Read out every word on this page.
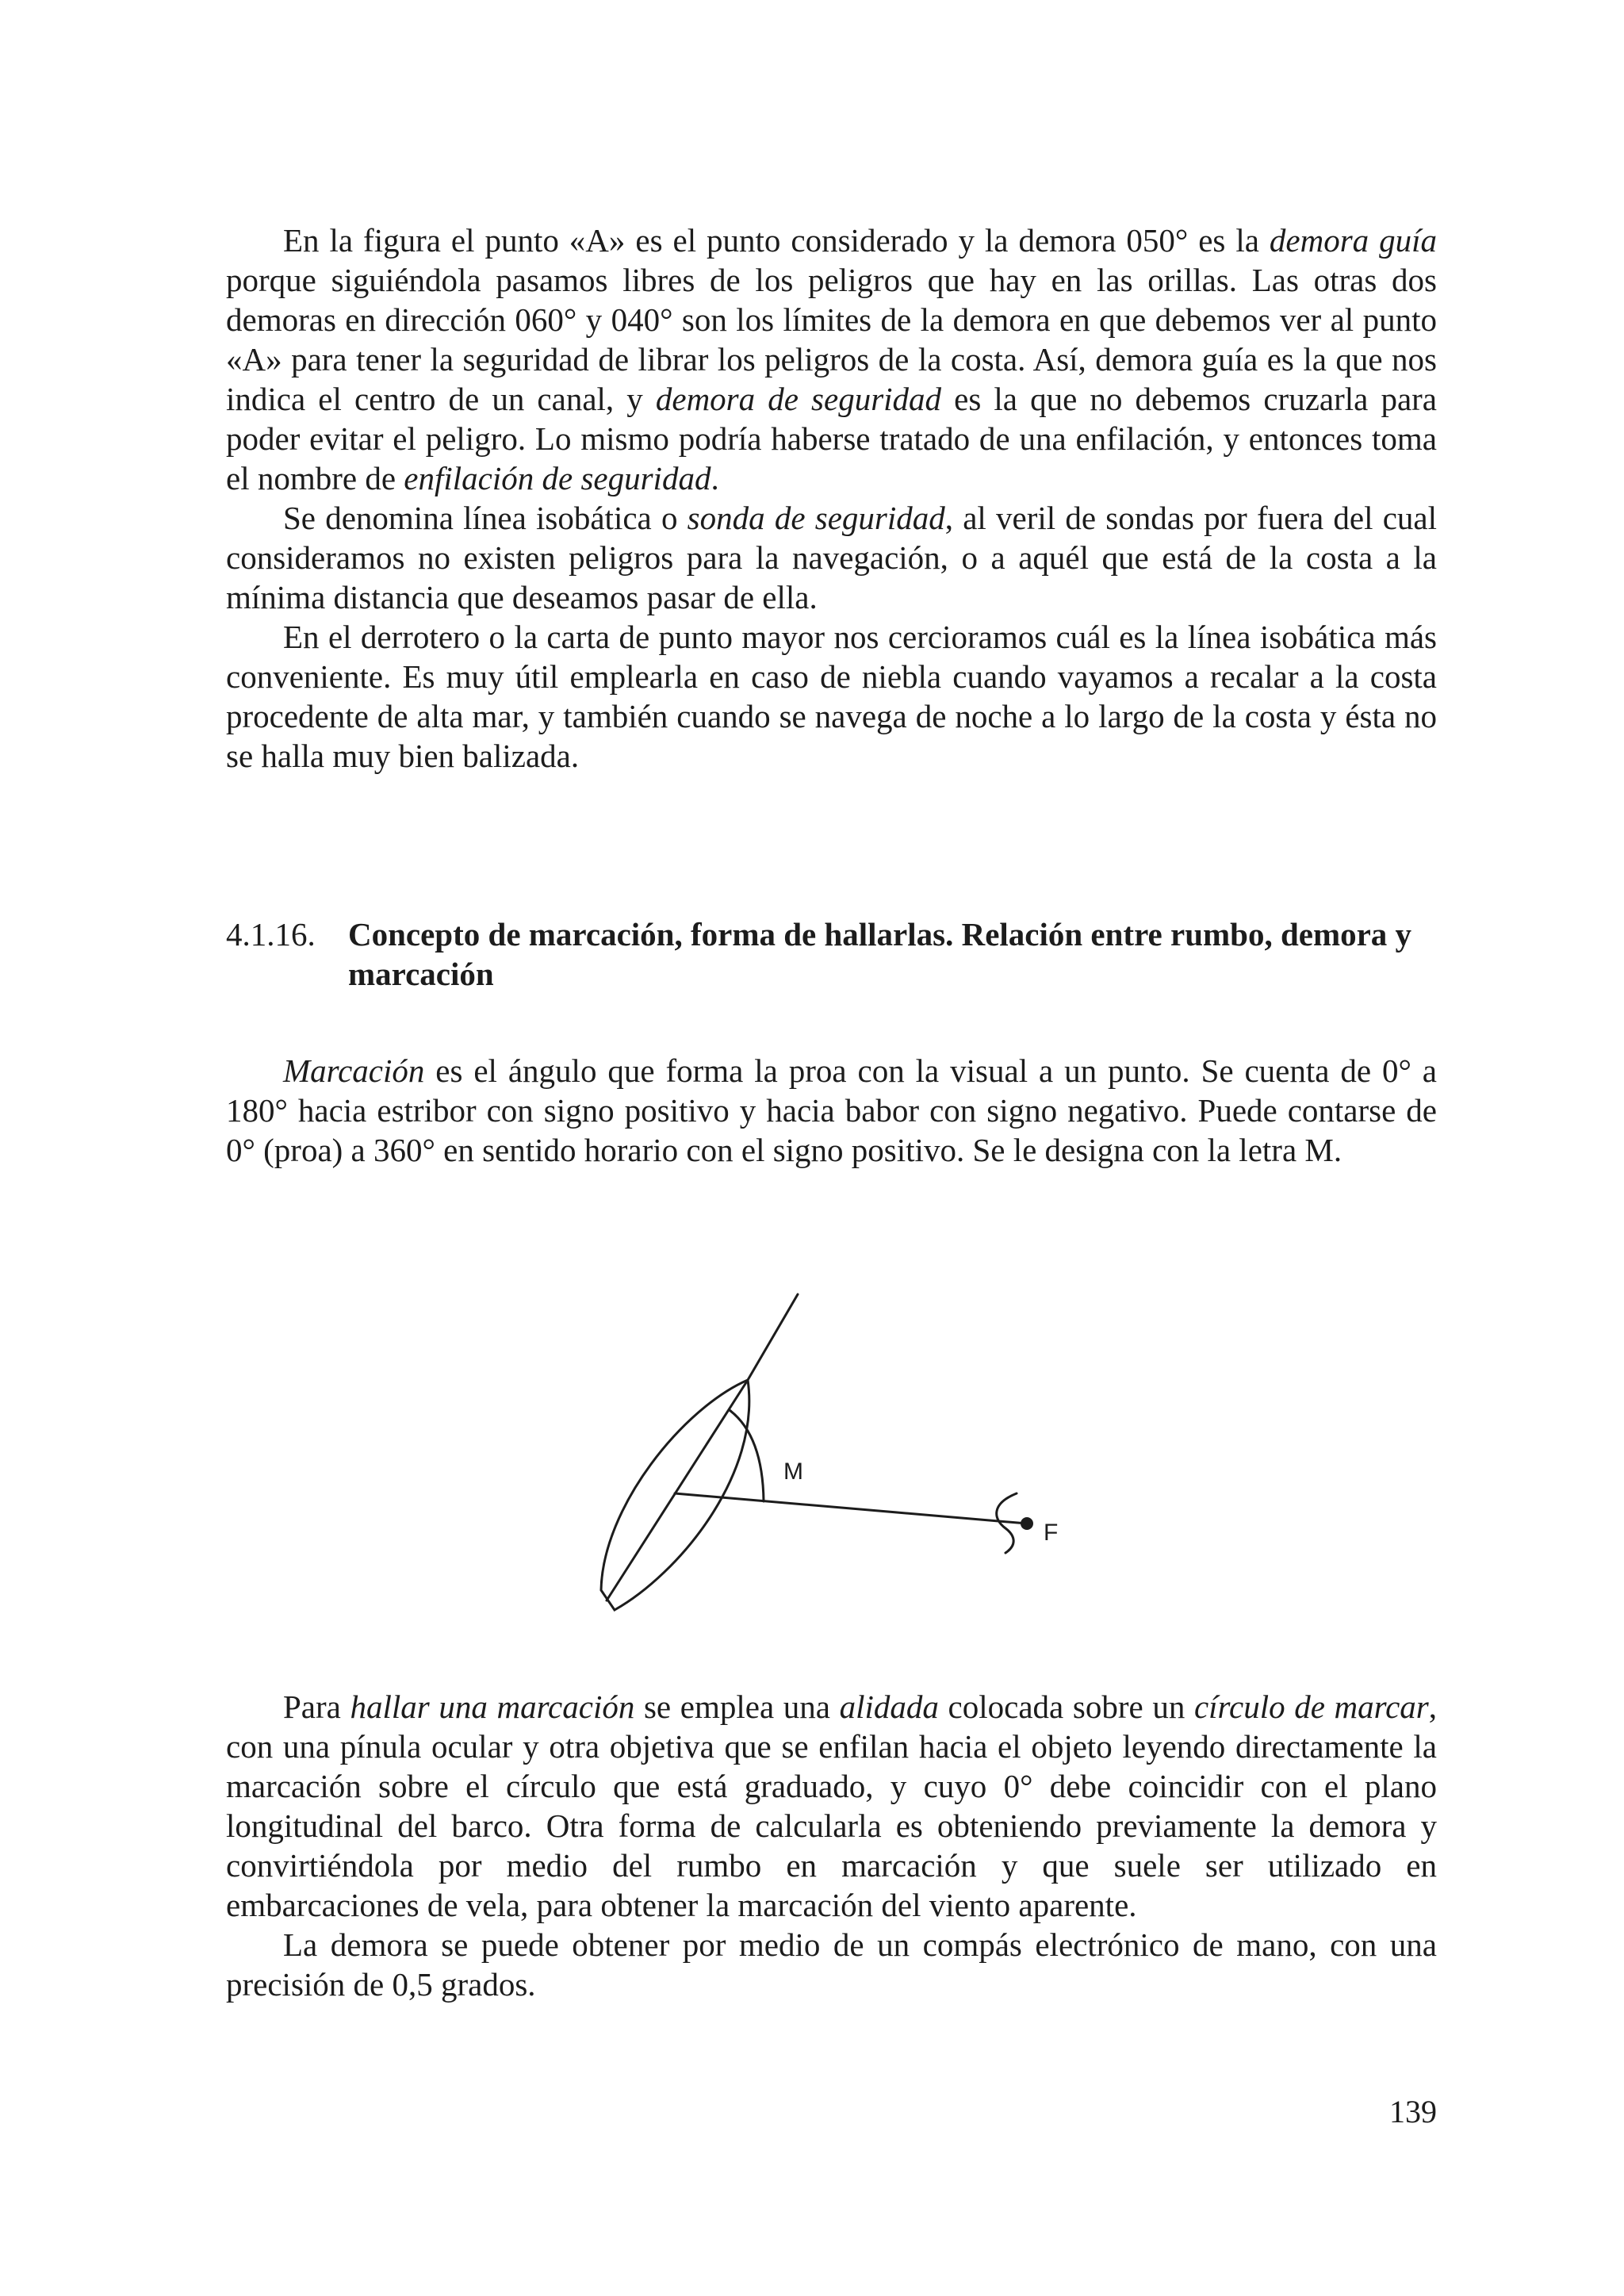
En la figura el punto «A» es el punto considerado y la demora 050° es la demora guía porque siguiéndola pasamos libres de los peligros que hay en las orillas. Las otras dos demoras en dirección 060° y 040° son los límites de la demora en que debemos ver al punto «A» para tener la seguridad de librar los peligros de la costa. Así, demora guía es la que nos indica el centro de un canal, y demora de seguridad es la que no debemos cruzarla para poder evitar el peligro. Lo mismo podría haberse tratado de una enfilación, y entonces toma el nombre de enfilación de seguridad.

Se denomina línea isobática o sonda de seguridad, al veril de sondas por fuera del cual consideramos no existen peligros para la navegación, o a aquél que está de la costa a la mínima distancia que deseamos pasar de ella.

En el derrotero o la carta de punto mayor nos cercioramos cuál es la línea isobática más conveniente. Es muy útil emplearla en caso de niebla cuando vayamos a recalar a la costa procedente de alta mar, y también cuando se navega de noche a lo largo de la costa y ésta no se halla muy bien balizada.

4.1.16. Concepto de marcación, forma de hallarlas. Relación entre rumbo, demora y marcación

Marcación es el ángulo que forma la proa con la visual a un punto. Se cuenta de 0° a 180° hacia estribor con signo positivo y hacia babor con signo negativo. Puede contarse de 0° (proa) a 360° en sentido horario con el signo positivo. Se le designa con la letra M.

M
F

Para hallar una marcación se emplea una alidada colocada sobre un círculo de marcar, con una pínula ocular y otra objetiva que se enfilan hacia el objeto leyendo directamente la marcación sobre el círculo que está graduado, y cuyo 0° debe coincidir con el plano longitudinal del barco. Otra forma de calcularla es obteniendo previamente la demora y convirtiéndola por medio del rumbo en marcación y que suele ser utilizado en embarcaciones de vela, para obtener la marcación del viento aparente.

La demora se puede obtener por medio de un compás electrónico de mano, con una precisión de 0,5 grados.

139
